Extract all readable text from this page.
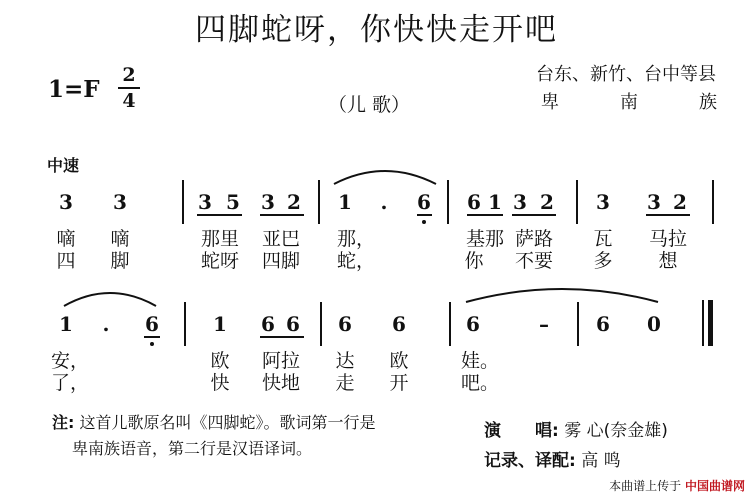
四脚蛇呀，你快快走开吧
1=F
2
4	（儿 歌）
台东、新竹、台中等县
卑	南	族
中速
3 3	3 5 3 2 1 . 6 6 1 3 2 3 3 2
嘀 嘀	那里 亚巴 那，	基那 萨路 瓦 马拉
四 脚	蛇呀 四脚 蛇，	你 不要 多 想
1 . 6	1 6 6 6 6	6	– 6 0
安，	欧 阿拉 达 欧	娃。
了，	快 快地 走 开	吧。
注: 这首儿歌原名叫《四脚蛇》。歌词第一行是
卑南族语音，第二行是汉语译词。
演　　唱: 雾 心(奈金雄)
记录、译配: 高 鸣
本曲谱上传于 中国曲谱网
